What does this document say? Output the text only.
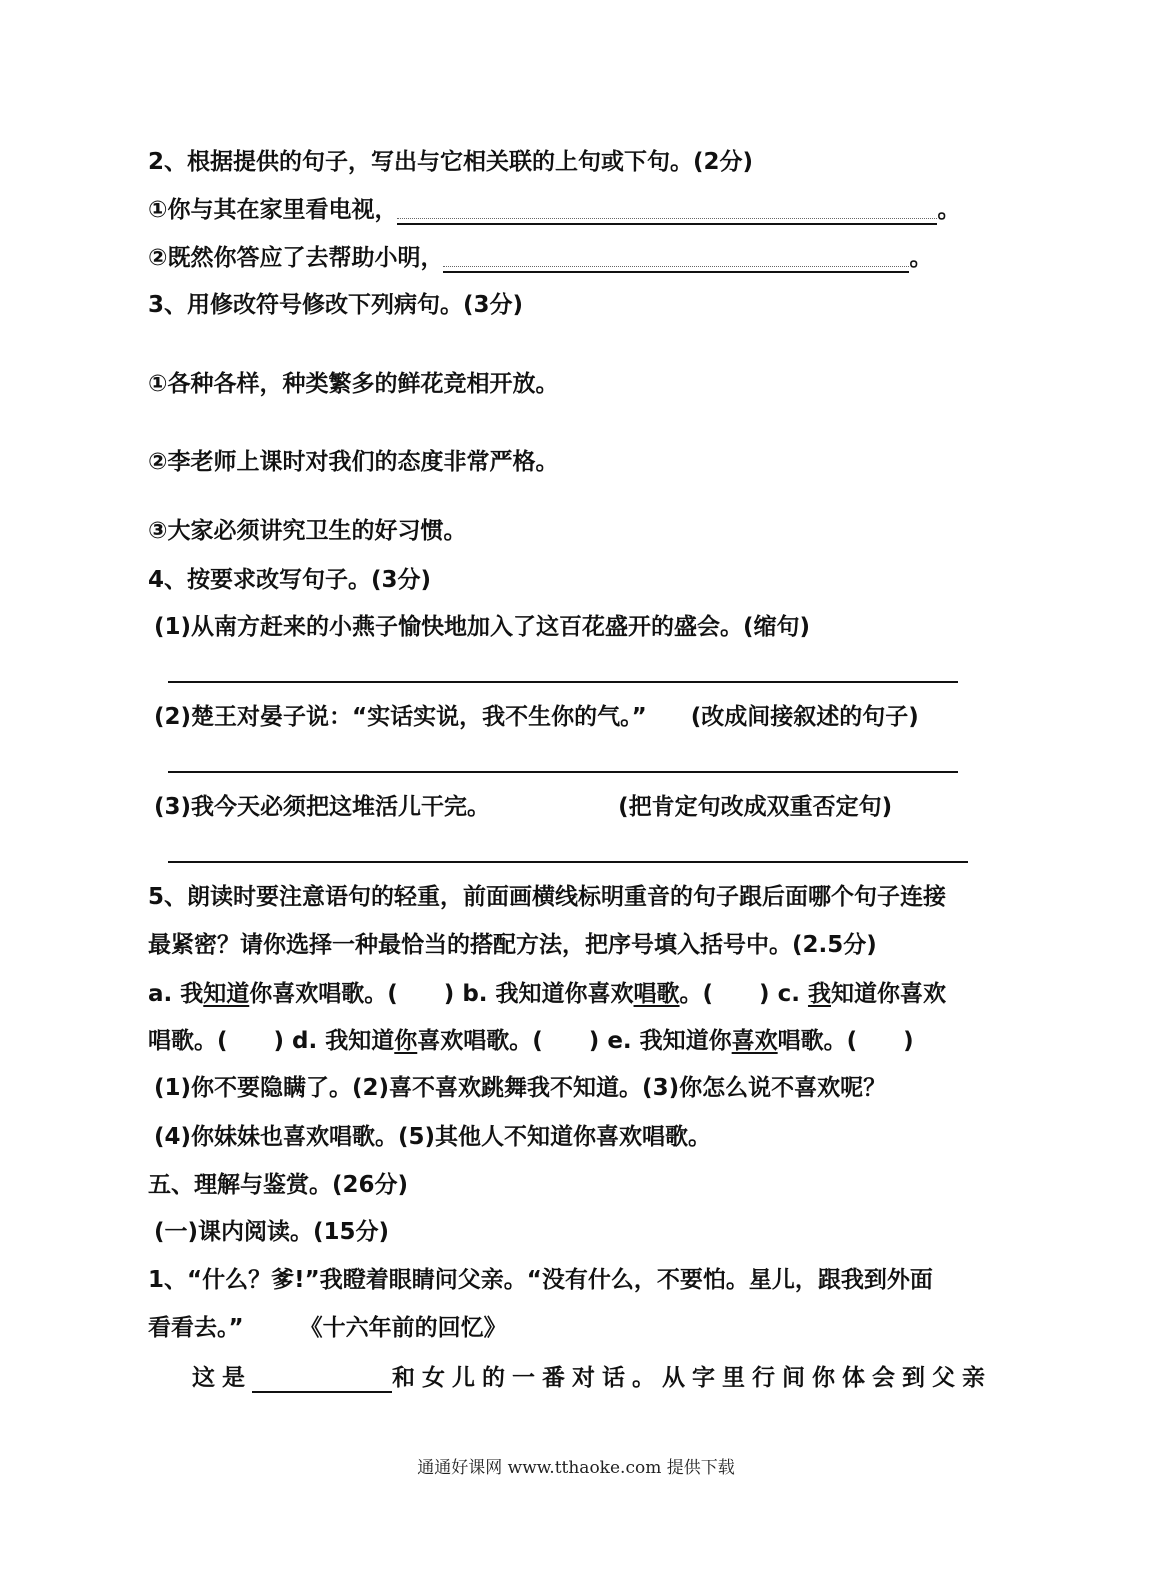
2、根据提供的句子，写出与它相关联的上句或下句。(2分)
①你与其在家里看电视，	。
②既然你答应了去帮助小明，	。
3、用修改符号修改下列病句。(3分)
①各种各样，种类繁多的鲜花竞相开放。
②李老师上课时对我们的态度非常严格。
③大家必须讲究卫生的好习惯。
4、按要求改写句子。(3分)
(1)从南方赶来的小燕子愉快地加入了这百花盛开的盛会。(缩句)
(2)楚王对晏子说：“实话实说，我不生你的气。” (改成间接叙述的句子)
(3)我今天必须把这堆活儿干完。	(把肯定句改成双重否定句)
5、朗读时要注意语句的轻重，前面画横线标明重音的句子跟后面哪个句子连接
最紧密？请你选择一种最恰当的搭配方法，把序号填入括号中。(2.5分)
a. 我知道你喜欢唱歌。( ) b. 我知道你喜欢唱歌。( ) c. 我知道你喜欢
唱歌。( ) d. 我知道你喜欢唱歌。( ) e. 我知道你喜欢唱歌。( )
(1)你不要隐瞒了。(2)喜不喜欢跳舞我不知道。(3)你怎么说不喜欢呢？
(4)你妹妹也喜欢唱歌。(5)其他人不知道你喜欢唱歌。
五、理解与鉴赏。(26分)
(一)课内阅读。(15分)
1、“什么？爹!”我瞪着眼睛问父亲。“没有什么，不要怕。星儿，跟我到外面
看看去。” 《十六年前的回忆》
这是	和女儿的一番对话。从字里行间你体会到父亲
通通好课网 www.tthaoke.com 提供下载
